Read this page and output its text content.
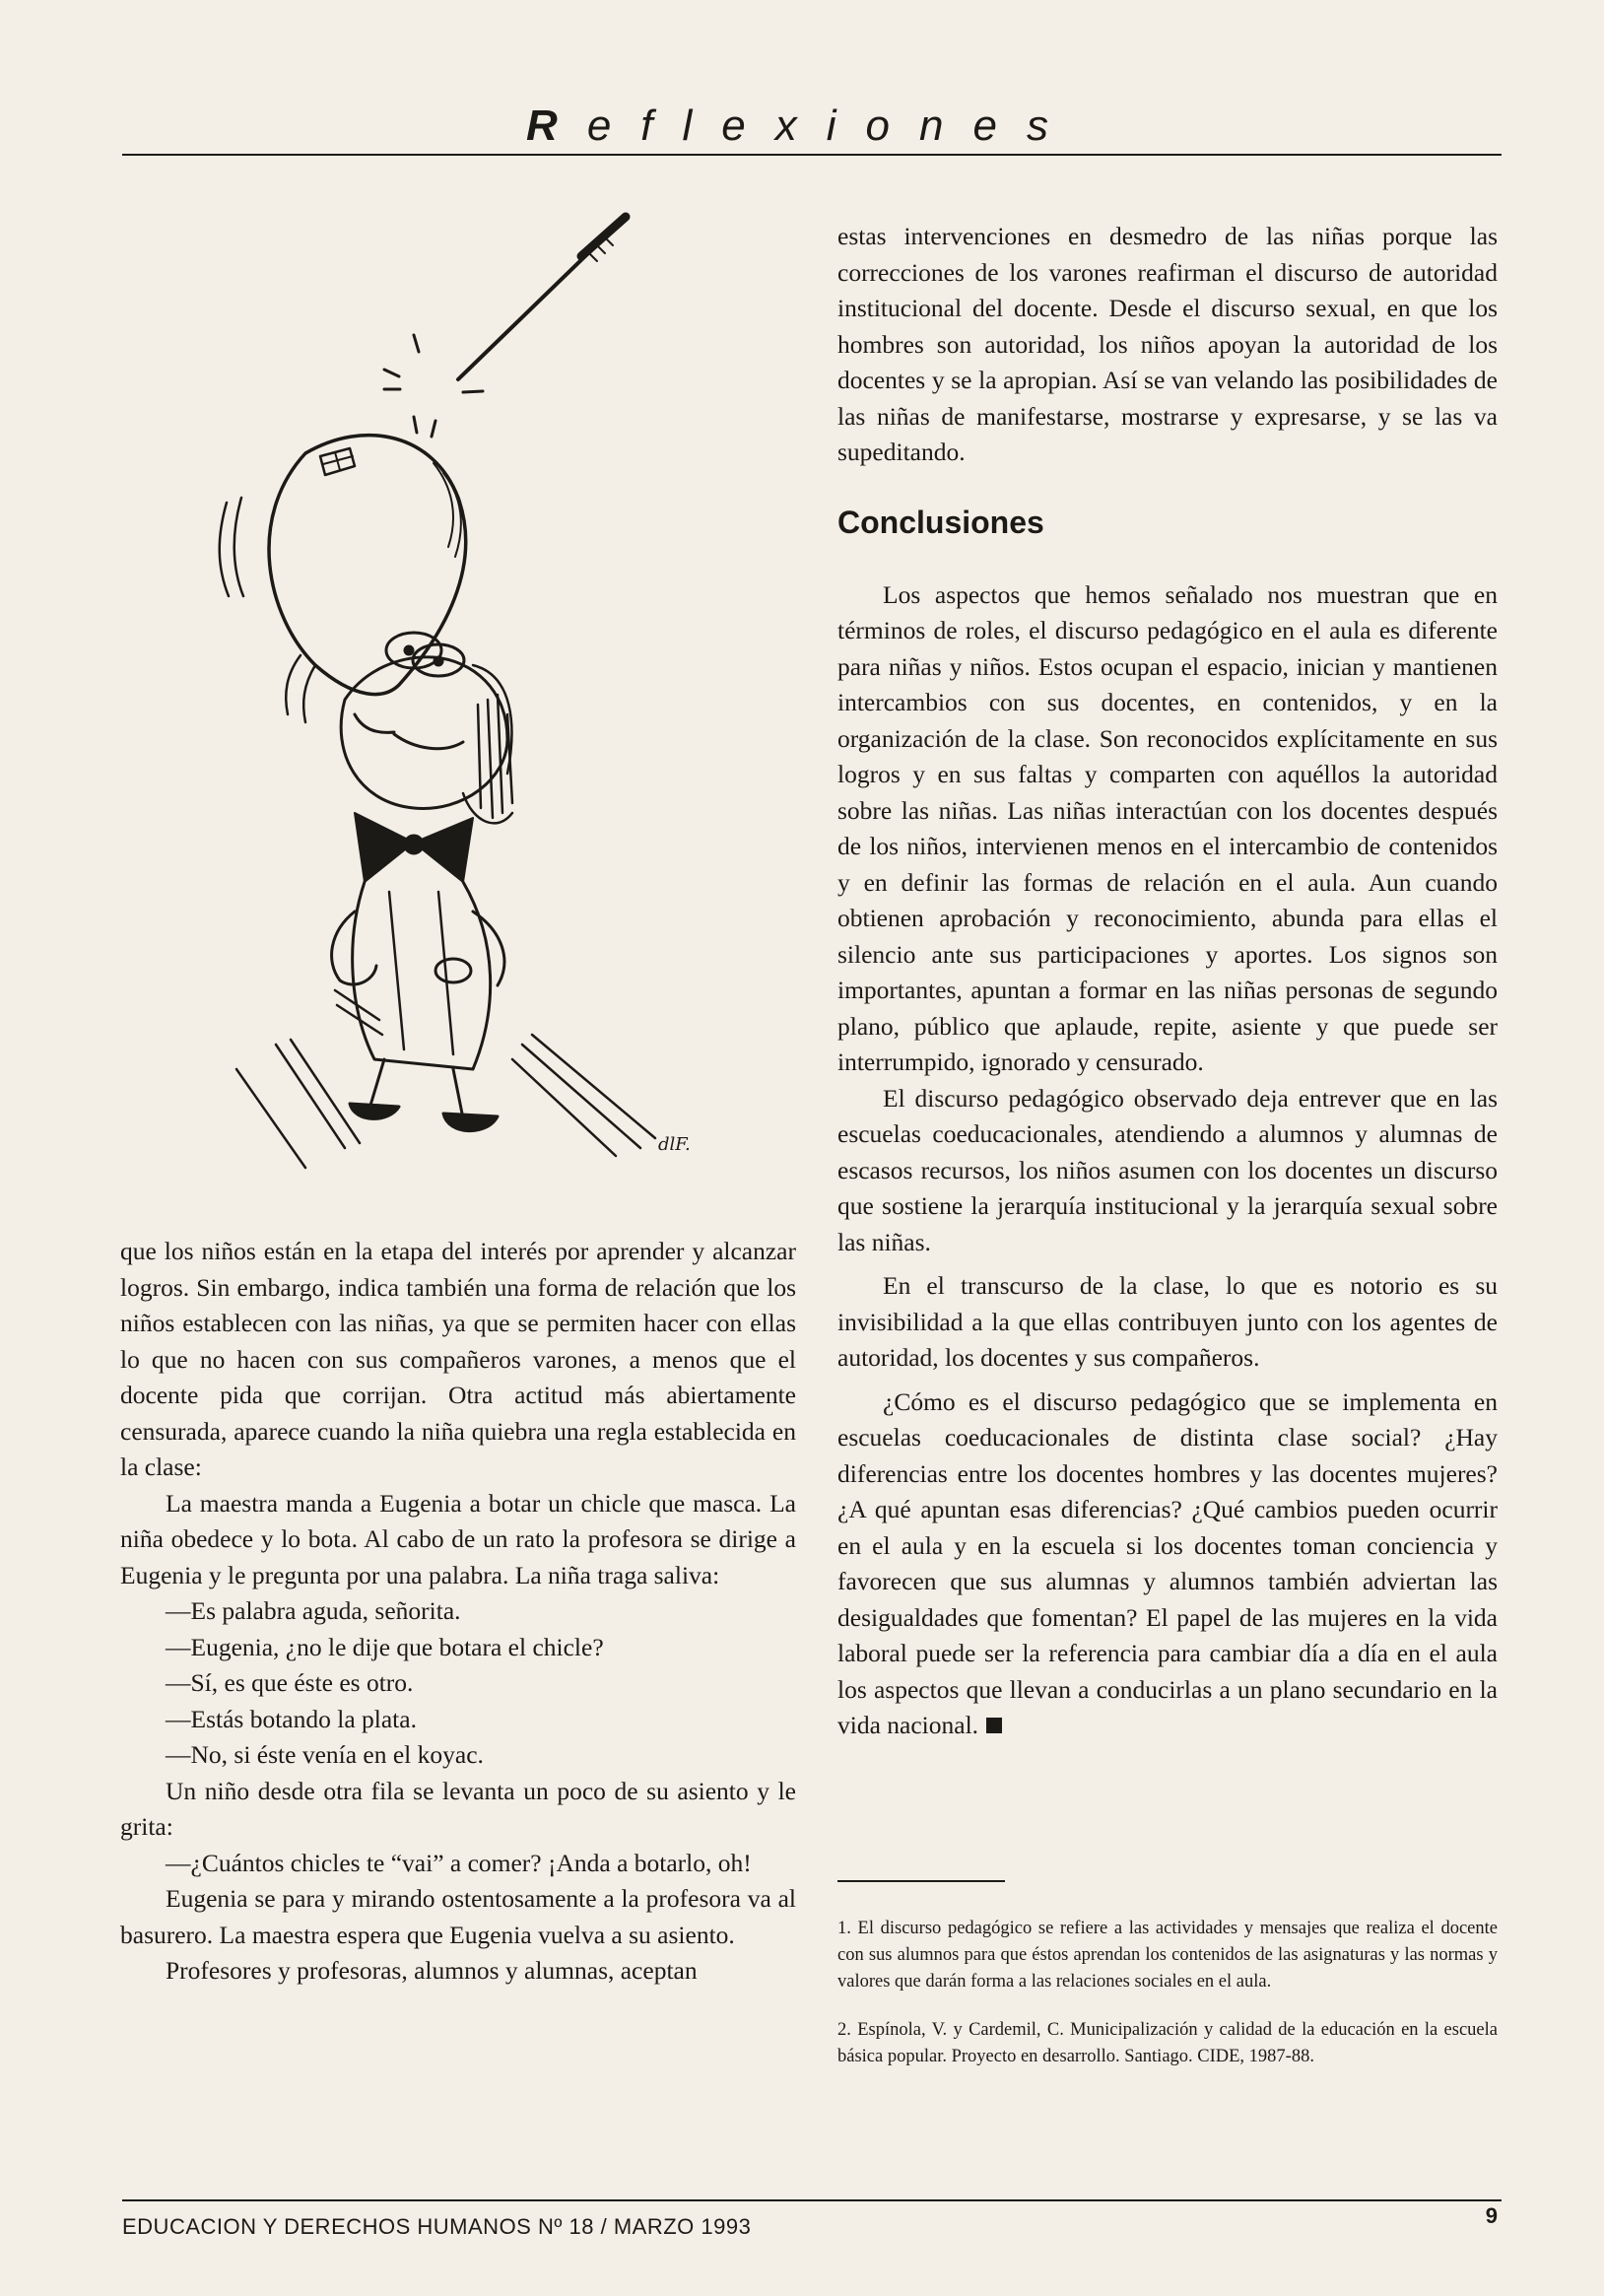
Reflexiones
dlF.

estas intervenciones en desmedro de las niñas porque las correcciones de los varones reafirman el discurso de autoridad institucional del docente. Desde el discurso sexual, en que los hombres son autoridad, los niños apoyan la autoridad de los docentes y se la apropian. Así se van velando las posibilidades de las niñas de manifestarse, mostrarse y expresarse, y se las va supeditando.

Conclusiones

Los aspectos que hemos señalado nos muestran que en términos de roles, el discurso pedagógico en el aula es diferente para niñas y niños. Estos ocupan el espacio, inician y mantienen intercambios con sus docentes, en contenidos, y en la organización de la clase. Son reconocidos explícitamente en sus logros y en sus faltas y comparten con aquéllos la autoridad sobre las niñas. Las niñas interactúan con los docentes después de los niños, intervienen menos en el intercambio de contenidos y en definir las formas de relación en el aula. Aun cuando obtienen aprobación y reconocimiento, abunda para ellas el silencio ante sus participaciones y aportes. Los signos son importantes, apuntan a formar en las niñas personas de segundo plano, público que aplaude, repite, asiente y que puede ser interrumpido, ignorado y censurado.

El discurso pedagógico observado deja entrever que en las escuelas coeducacionales, atendiendo a alumnos y alumnas de escasos recursos, los niños asumen con los docentes un discurso que sostiene la jerarquía institucional y la jerarquía sexual sobre las niñas.

En el transcurso de la clase, lo que es notorio es su invisibilidad a la que ellas contribuyen junto con los agentes de autoridad, los docentes y sus compañeros.

¿Cómo es el discurso pedagógico que se implementa en escuelas coeducacionales de distinta clase social? ¿Hay diferencias entre los docentes hombres y las docentes mujeres? ¿A qué apuntan esas diferencias? ¿Qué cambios pueden ocurrir en el aula y en la escuela si los docentes toman conciencia y favorecen que sus alumnas y alumnos también adviertan las desigualdades que fomentan? El papel de las mujeres en la vida laboral puede ser la referencia para cambiar día a día en el aula los aspectos que llevan a conducirlas a un plano secundario en la vida nacional.

que los niños están en la etapa del interés por aprender y alcanzar logros. Sin embargo, indica también una forma de relación que los niños establecen con las niñas, ya que se permiten hacer con ellas lo que no hacen con sus compañeros varones, a menos que el docente pida que corrijan. Otra actitud más abiertamente censurada, aparece cuando la niña quiebra una regla establecida en la clase:

La maestra manda a Eugenia a botar un chicle que masca. La niña obedece y lo bota. Al cabo de un rato la profesora se dirige a Eugenia y le pregunta por una palabra. La niña traga saliva:

—Es palabra aguda, señorita.

—Eugenia, ¿no le dije que botara el chicle?

—Sí, es que éste es otro.

—Estás botando la plata.

—No, si éste venía en el koyac.

Un niño desde otra fila se levanta un poco de su asiento y le grita:

—¿Cuántos chicles te “vai” a comer? ¡Anda a botarlo, oh!

Eugenia se para y mirando ostentosamente a la profesora va al basurero. La maestra espera que Eugenia vuelva a su asiento.

Profesores y profesoras, alumnos y alumnas, aceptan

1. El discurso pedagógico se refiere a las actividades y mensajes que realiza el docente con sus alumnos para que éstos aprendan los contenidos de las asignaturas y las normas y valores que darán forma a las relaciones sociales en el aula.

2. Espínola, V. y Cardemil, C. Municipalización y calidad de la educación en la escuela básica popular. Proyecto en desarrollo. Santiago. CIDE, 1987-88.

EDUCACION Y DERECHOS HUMANOS Nº 18 / MARZO 1993	9
